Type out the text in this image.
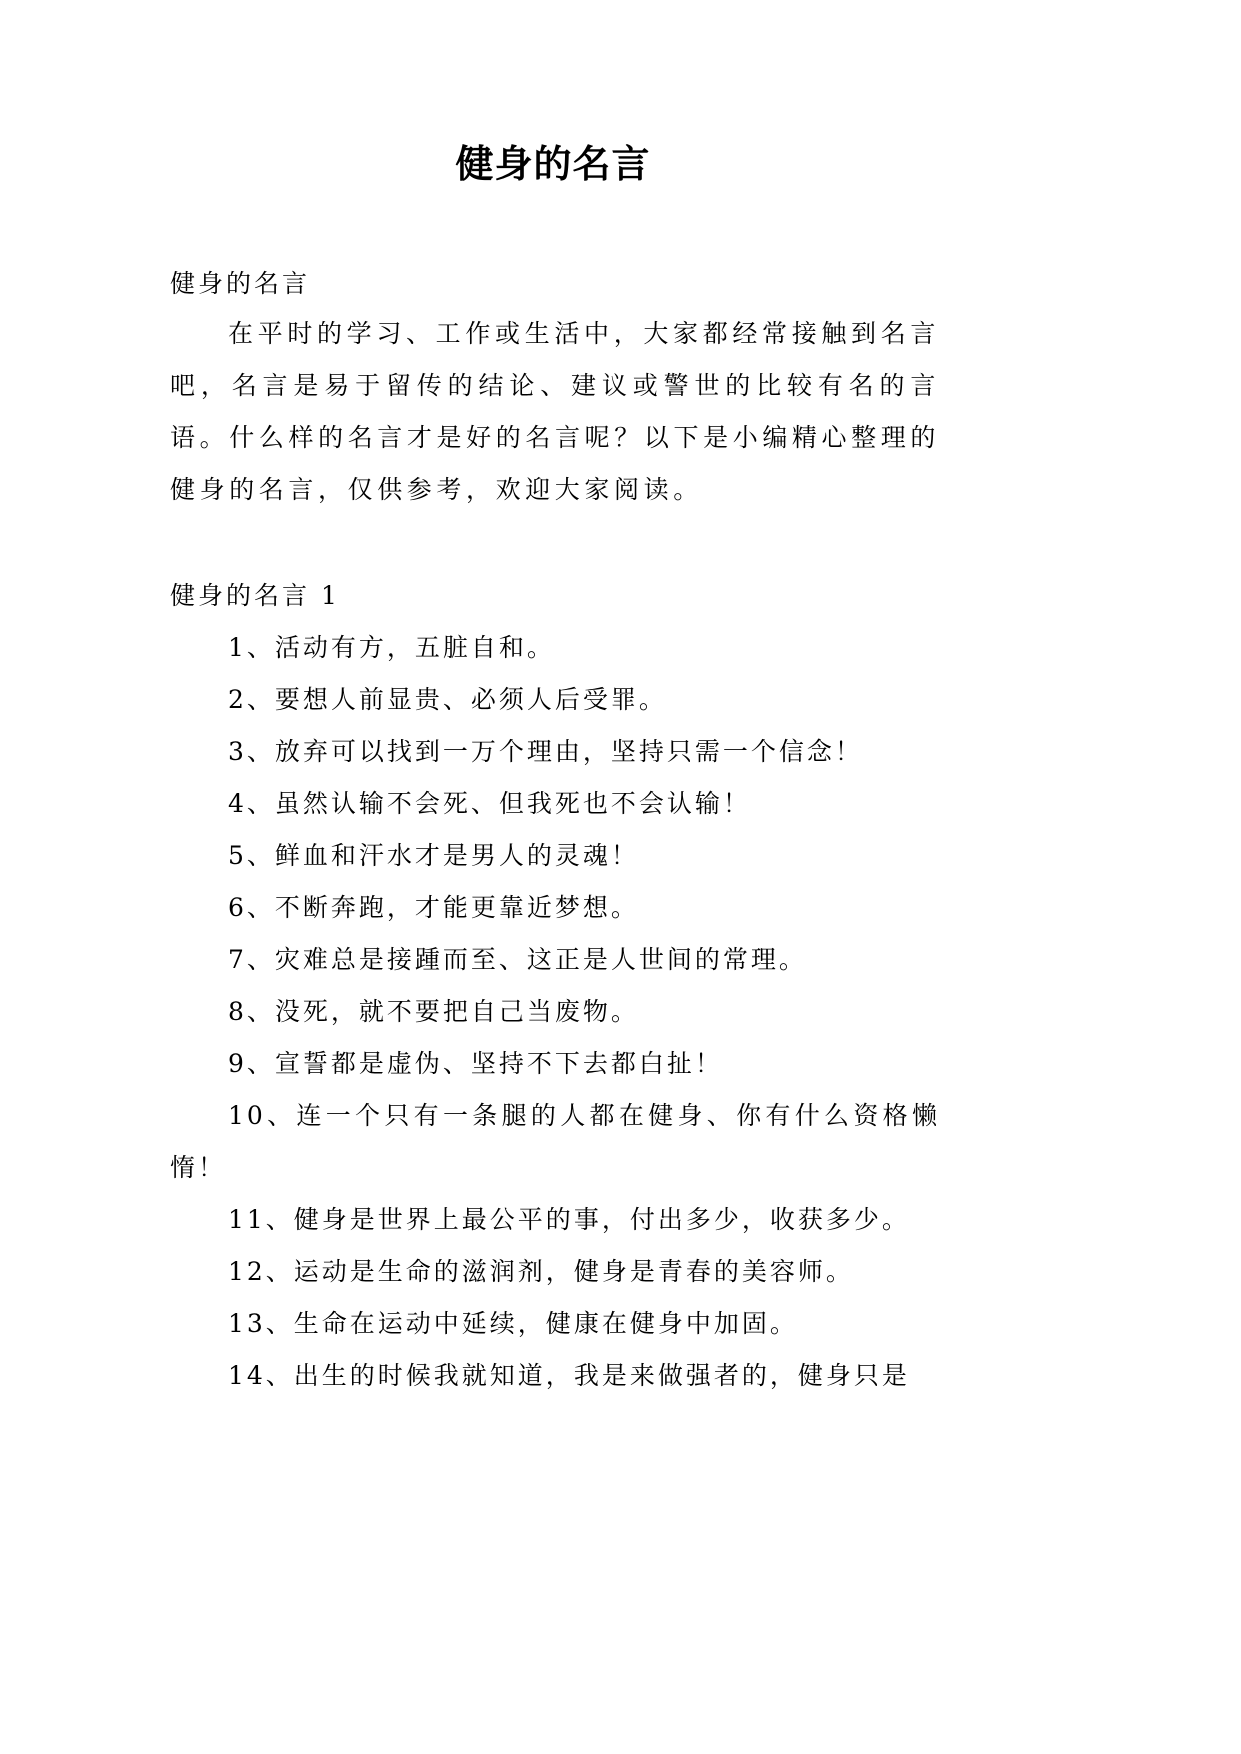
健身的名言
健身的名言
在平时的学习、工作或生活中，大家都经常接触到名言吧，名言是易于留传的结论、建议或警世的比较有名的言语。什么样的名言才是好的名言呢？以下是小编精心整理的健身的名言，仅供参考，欢迎大家阅读。
健身的名言 1
1、活动有方，五脏自和。
2、要想人前显贵、必须人后受罪。
3、放弃可以找到一万个理由，坚持只需一个信念！
4、虽然认输不会死、但我死也不会认输！
5、鲜血和汗水才是男人的灵魂！
6、不断奔跑，才能更靠近梦想。
7、灾难总是接踵而至、这正是人世间的常理。
8、没死，就不要把自己当废物。
9、宣誓都是虚伪、坚持不下去都白扯！
10、连一个只有一条腿的人都在健身、你有什么资格懒惰！
11、健身是世界上最公平的事，付出多少，收获多少。
12、运动是生命的滋润剂，健身是青春的美容师。
13、生命在运动中延续，健康在健身中加固。
14、出生的时候我就知道，我是来做强者的，健身只是
